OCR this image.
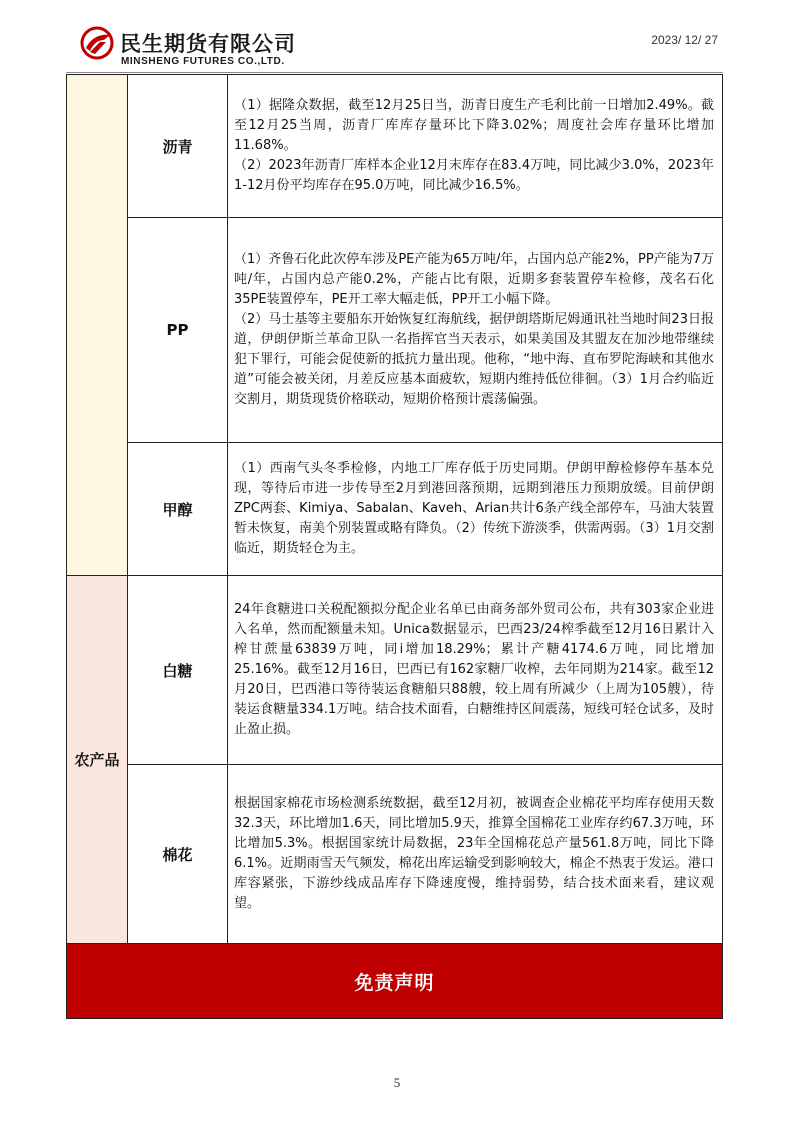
民生期货有限公司
MINSHENG FUTURES CO.,LTD.
2023/ 12/ 27
	沥青	（1）据隆众数据，截至12月25日当，沥青日度生产毛利比前一日增加2.49%。截至12月25当周，沥青厂库库存量环比下降3.02%；周度社会库存量环比增加11.68%。

（2）2023年沥青厂库样本企业12月末库存在83.4万吨，同比减少3.0%，2023年1-12月份平均库存在95.0万吨，同比减少16.5%。

	PP	（1）齐鲁石化此次停车涉及PE产能为65万吨/年，占国内总产能2%，PP产能为7万吨/年，占国内总产能0.2%，产能占比有限，近期多套装置停车检修，茂名石化35PE装置停车，PE开工率大幅走低，PP开工小幅下降。

（2）马士基等主要船东开始恢复红海航线，据伊朗塔斯尼姆通讯社当地时间23日报道，伊朗伊斯兰革命卫队一名指挥官当天表示，如果美国及其盟友在加沙地带继续犯下罪行，可能会促使新的抵抗力量出现。他称，“地中海、直布罗陀海峡和其他水道”可能会被关闭，月差反应基本面疲软，短期内维持低位徘徊。（3）1月合约临近交割月，期货现货价格联动，短期价格预计震荡偏强。

	甲醇	（1）西南气头冬季检修，内地工厂库存低于历史同期。伊朗甲醇检修停车基本兑现，等待后市进一步传导至2月到港回落预期，远期到港压力预期放缓。目前伊朗ZPC两套、Kimiya、Sabalan、Kaveh、Arian共计6条产线全部停车，马油大装置暂未恢复，南美个别装置或略有降负。（2）传统下游淡季，供需两弱。（3）1月交割临近，期货轻仓为主。

农产品	白糖	24年食糖进口关税配额拟分配企业名单已由商务部外贸司公布，共有303家企业进入名单，然而配额量未知。Unica数据显示，巴西23/24榨季截至12月16日累计入榨甘蔗量63839万吨，同i增加18.29%；累计产糖4174.6万吨，同比增加25.16%。截至12月16日，巴西已有162家糖厂收榨，去年同期为214家。截至12月20日，巴西港口等待装运食糖船只88艘，较上周有所减少（上周为105艘），待装运食糖量334.1万吨。结合技术面看，白糖维持区间震荡，短线可轻仓试多，及时止盈止损。

	棉花	根据国家棉花市场检测系统数据，截至12月初，被调查企业棉花平均库存使用天数32.3天，环比增加1.6天，同比增加5.9天，推算全国棉花工业库存约67.3万吨，环比增加5.3%。根据国家统计局数据，23年全国棉花总产量561.8万吨，同比下降6.1%。近期雨雪天气频发，棉花出库运输受到影响较大，棉企不热衷于发运。港口库容紧张，下游纱线成品库存下降速度慢，维持弱势，结合技术面来看，建议观望。

免责声明		
5
